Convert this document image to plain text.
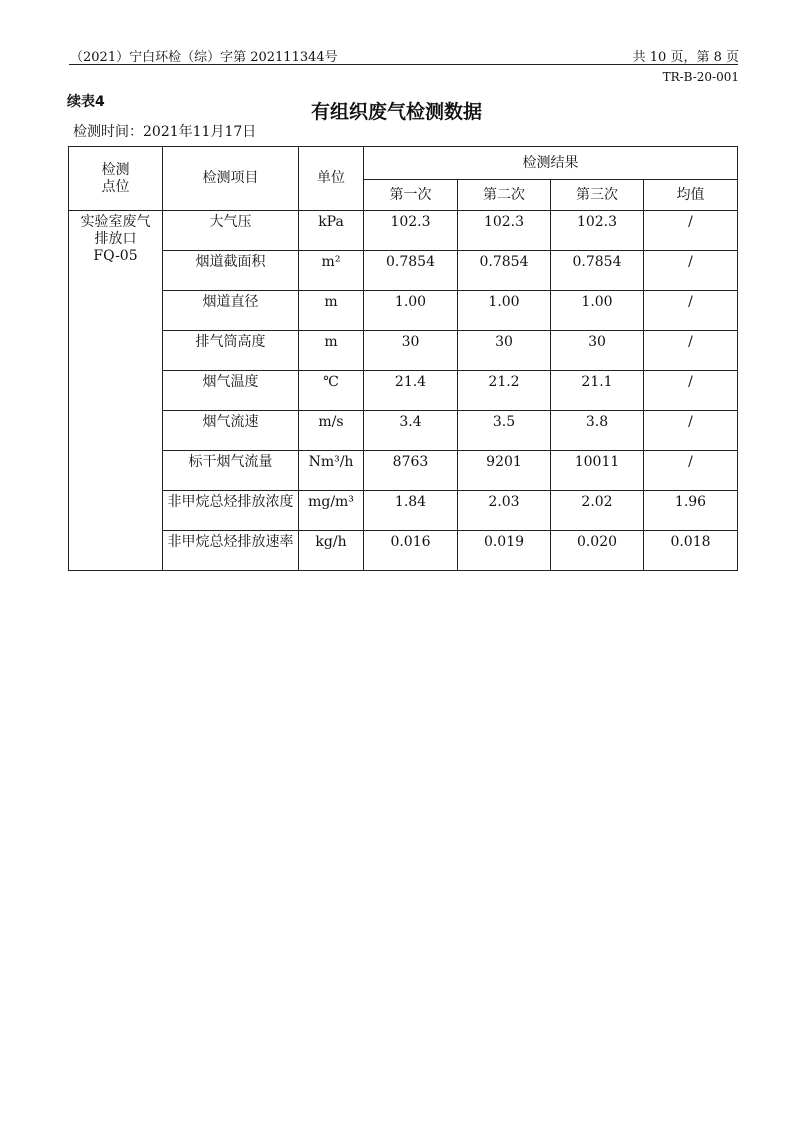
（2021）宁白环检（综）字第 202111344号	共 10 页，第 8 页
TR-B-20-001
续表4	有组织废气检测数据
检测时间：2021年11月17日
检测
点位	检测项目	单位	检测结果			
			第一次	第二次	第三次	均值
实验室废气
排放口
FQ-05	大气压	kPa	102.3	102.3	102.3	/
	烟道截面积	m²	0.7854	0.7854	0.7854	/
	烟道直径	m	1.00	1.00	1.00	/
	排气筒高度	m	30	30	30	/
	烟气温度	℃	21.4	21.2	21.1	/
	烟气流速	m/s	3.4	3.5	3.8	/
	标干烟气流量	Nm³/h	8763	9201	10011	/
	非甲烷总烃排放浓度	mg/m³	1.84	2.03	2.02	1.96
	非甲烷总烃排放速率	kg/h	0.016	0.019	0.020	0.018
